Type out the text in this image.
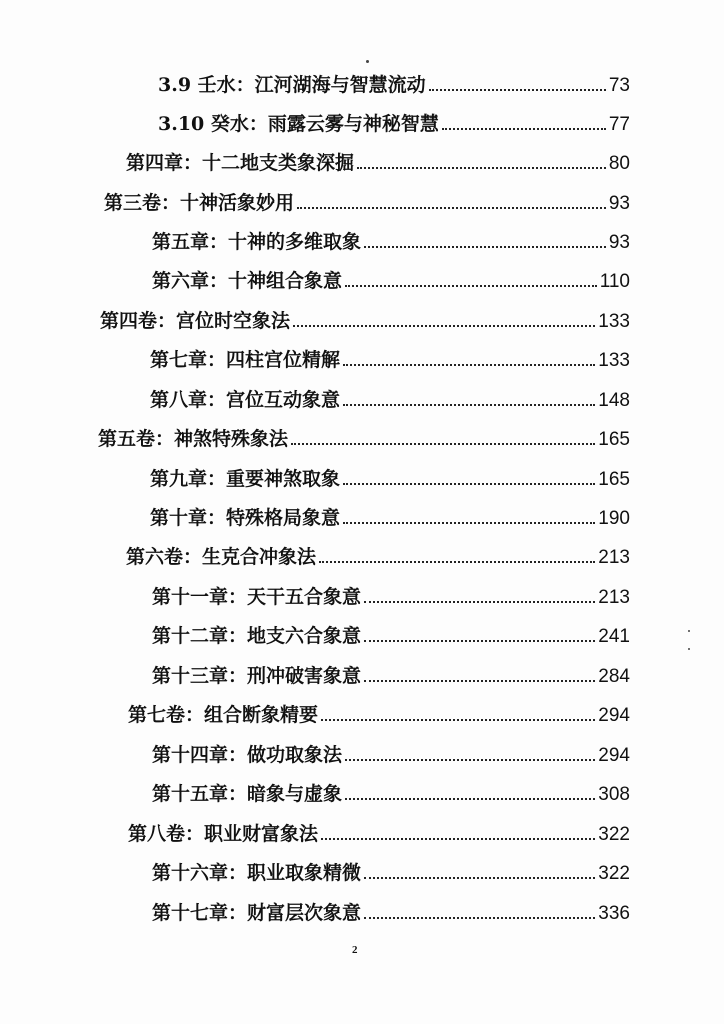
3.9 壬水：江河湖海与智慧流动	73
3.10 癸水：雨露云雾与神秘智慧	77
第四章：十二地支类象深掘	80
第三卷：十神活象妙用	93
第五章：十神的多维取象	93
第六章：十神组合象意	110
第四卷：宫位时空象法	133
第七章：四柱宫位精解	133
第八章：宫位互动象意	148
第五卷：神煞特殊象法	165
第九章：重要神煞取象	165
第十章：特殊格局象意	190
第六卷：生克合冲象法	213
第十一章：天干五合象意	213
第十二章：地支六合象意	241
第十三章：刑冲破害象意	284
第七卷：组合断象精要	294
第十四章：做功取象法	294
第十五章：暗象与虚象	308
第八卷：职业财富象法	322
第十六章：职业取象精微	322
第十七章：财富层次象意	336
2
